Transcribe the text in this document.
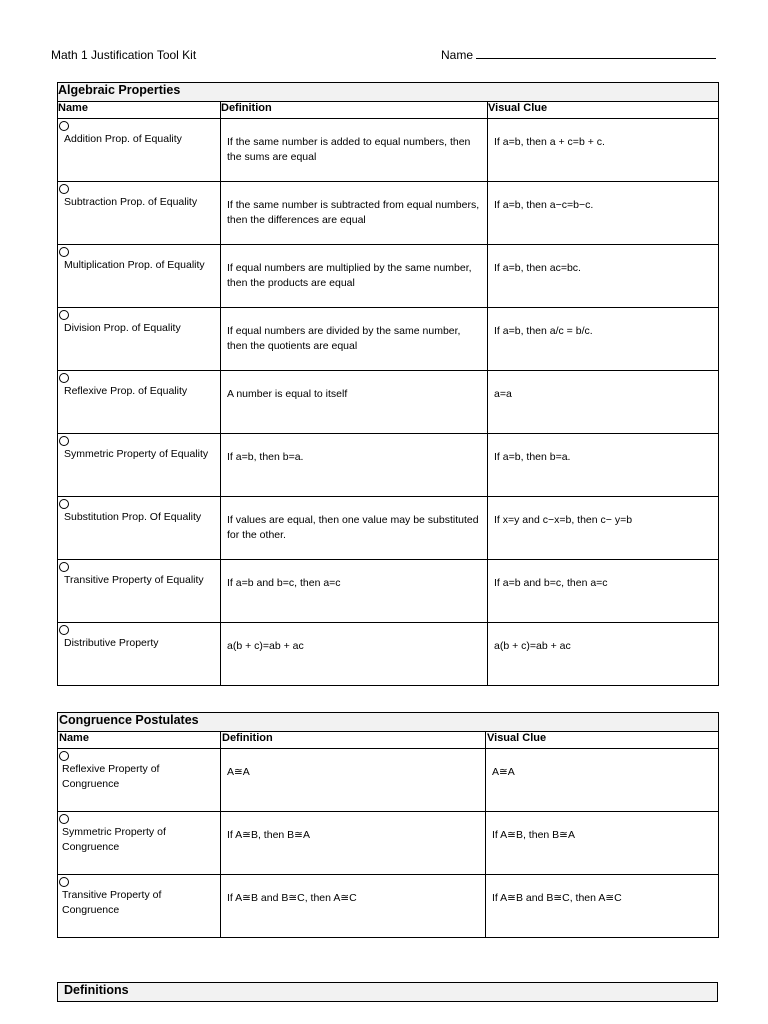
Math 1 Justification Tool Kit	Name
Algebraic Properties		
Name	Definition	Visual Clue

Addition Prop. of Equality	If the same number is added to equal numbers, then the sums are equal	If a=b, then a + c=b + c.

Subtraction Prop. of Equality	If the same number is subtracted from equal numbers, then the differences are equal	If a=b, then a−c=b−c.

Multiplication Prop. of Equality	If equal numbers are multiplied by the same number, then the products are equal	If a=b, then ac=bc.

Division Prop. of Equality	If equal numbers are divided by the same number, then the quotients are equal	If a=b, then a/c = b/c.

Reflexive Prop. of Equality	A number is equal to itself	a=a

Symmetric Property of Equality	If a=b, then b=a.	If a=b, then b=a.

Substitution Prop. Of Equality	If values are equal, then one value may be substituted for the other.	If x=y and c−x=b, then c− y=b

Transitive Property of Equality	If a=b and b=c, then a=c	If a=b and b=c, then a=c

Distributive Property	a(b + c)=ab + ac	a(b + c)=ab + ac
Congruence Postulates		
Name	Definition	Visual Clue

Reflexive Property of Congruence	A≅A	A≅A

Symmetric Property of Congruence	If A≅B, then B≅A	If A≅B, then B≅A

Transitive Property of Congruence	If A≅B and B≅C, then A≅C	If A≅B and B≅C, then A≅C
Definitions
